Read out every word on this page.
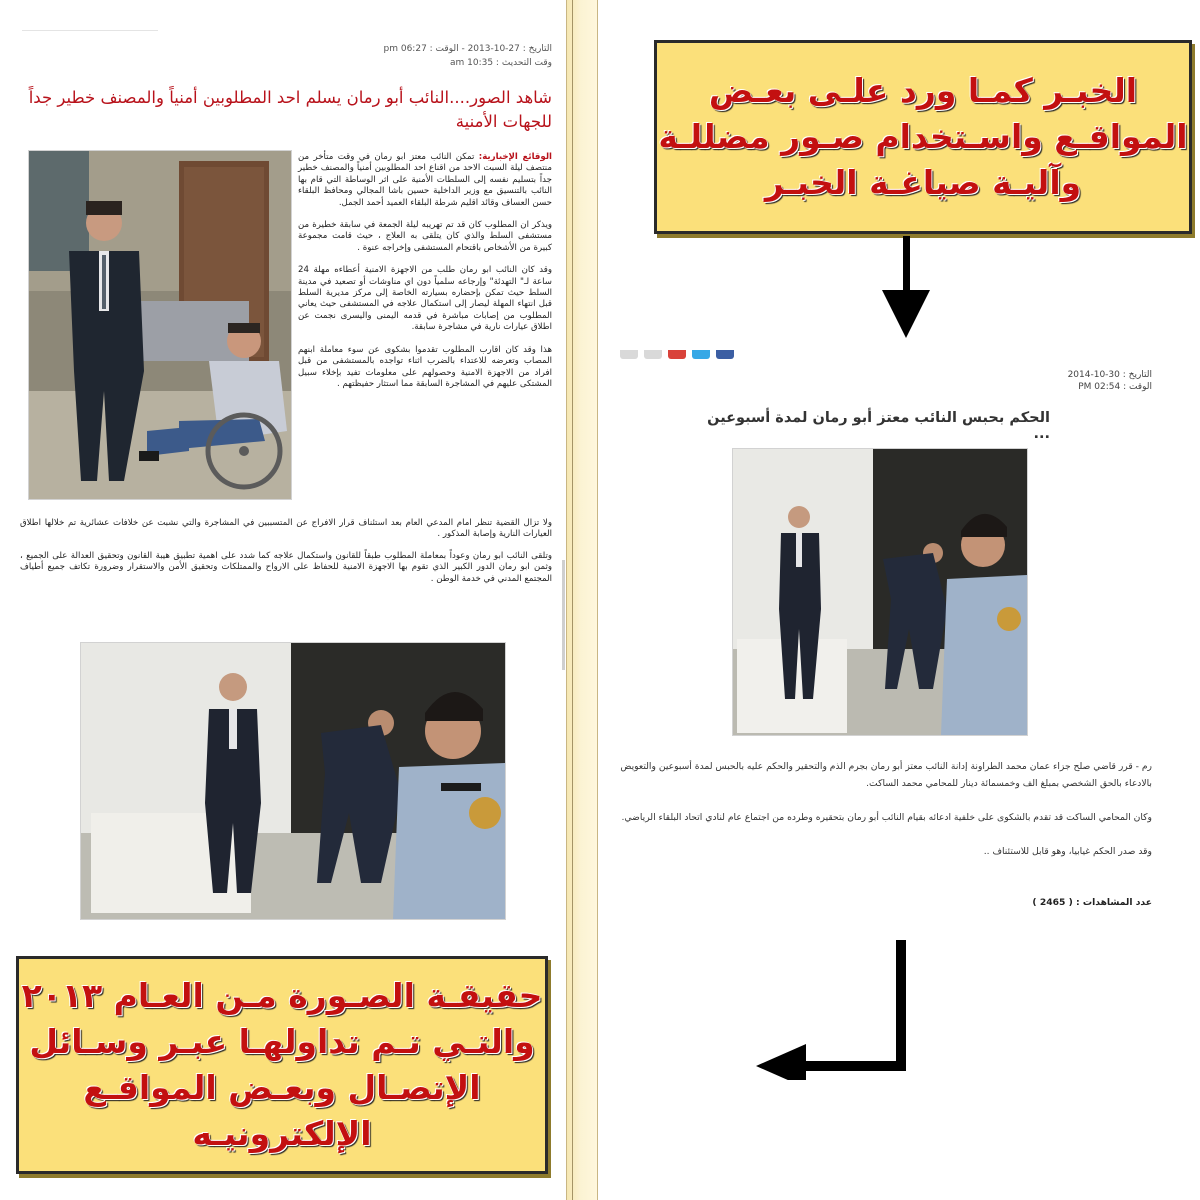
التاريخ : 27-10-2013 - الوقت : 06:27 pm
وقت التحديث : 10:35 am
شاهد الصور....النائب أبو رمان يسلم احد المطلوبين أمنياً والمصنف خطير جداً للجهات الأمنية

الوقائع الإخبارية: تمكن النائب معتز ابو رمان في وقت متأخر من منتصف ليلة السبت الاحد من اقناع احد المطلوبين أمنياً والمصنف خطير جداً بتسليم نفسه إلى السلطات الأمنية على اثر الوساطة التي قام بها النائب بالتنسيق مع وزير الداخلية حسين باشا المجالي ومحافظ البلقاء حسن العساف وقائد اقليم شرطة البلقاء العميد أحمد الجمل.

ويذكر ان المطلوب كان قد تم تهريبه ليلة الجمعة في سابقة خطيرة من مستشفى السلط والذي كان يتلقى به العلاج ، حيث قامت مجموعة كبيرة من الأشخاص باقتحام المستشفى وإخراجه عنوة .

وقد كان النائب ابو رمان طلب من الاجهزة الامنية أعطاءه مهلة 24 ساعة لـ" التهدئة" وإرجاعه سلمياً دون اي مناوشات أو تصعيد في مدينة السلط حيث تمكن بإحضاره بسيارته الخاصة إلى مركز مديرية السلط قبل انتهاء المهلة ليصار إلى استكمال علاجه في المستشفى حيث يعاني المطلوب من إصابات مباشرة في قدمه اليمنى واليسرى نجمت عن اطلاق عيارات نارية في مشاجرة سابقة.

هذا وقد كان اقارب المطلوب تقدموا بشكوى عن سوء معاملة ابنهم المصاب وتعرضه للاعتداء بالضرب اثناء تواجده بالمستشفى من قبل افراد من الاجهزة الامنية وحصولهم على معلومات تفيد بإخلاء سبيل المشتكى عليهم في المشاجرة السابقة مما استثار حفيظتهم .

ولا تزال القضية تنظر امام المدعي العام بعد استئناف قرار الافراج عن المتسببين في المشاجرة والتي نشبت عن خلافات عشائرية تم خلالها اطلاق العيارات النارية وإصابة المذكور .

وتلقى النائب ابو رمان وعوداً بمعاملة المطلوب طبقاً للقانون واستكمال علاجه كما شدد على اهمية تطبيق هيبة القانون وتحقيق العدالة على الجميع ، وثمن ابو رمان الدور الكبير الذي تقوم بها الاجهزة الامنية للحفاظ على الارواح والممتلكات وتحقيق الأمن والاستقرار وضرورة تكاتف جميع أطياف المجتمع المدني في خدمة الوطن .

حقيقـة الصـورة مـن العـام ٢٠١٣ والتـي تـم تداولهـا عبـر وسـائل الإتصـال وبعـض المواقـع الإلكترونيـه
الخبـر كمـا ورد علـى بعـض المواقـع واسـتخدام صـور مضللـة وآليـة صياغـة الخبـر
التاريخ : 30-10-2014
الوقت : 02:54 PM
الحكم بحبس النائب معتز أبو رمان لمدة أسبوعين ...

رم - قرر قاضي صلح جزاء عمان محمد الطراونة إدانة النائب معتز أبو رمان بجرم الذم والتحقير والحكم عليه بالحبس لمدة أسبوعين والتعويض بالادعاء بالحق الشخصي بمبلغ الف وخمسمائة دينار للمحامي محمد الساكت.

وكان المحامي الساكت قد تقدم بالشكوى على خلفية ادعائه بقيام النائب أبو رمان بتحقيره وطرده من اجتماع عام لنادي اتحاد البلقاء الرياضي.

وقد صدر الحكم غيابيا، وهو قابل للاستئناف ..

عدد المشاهدات : ( 2465 )
